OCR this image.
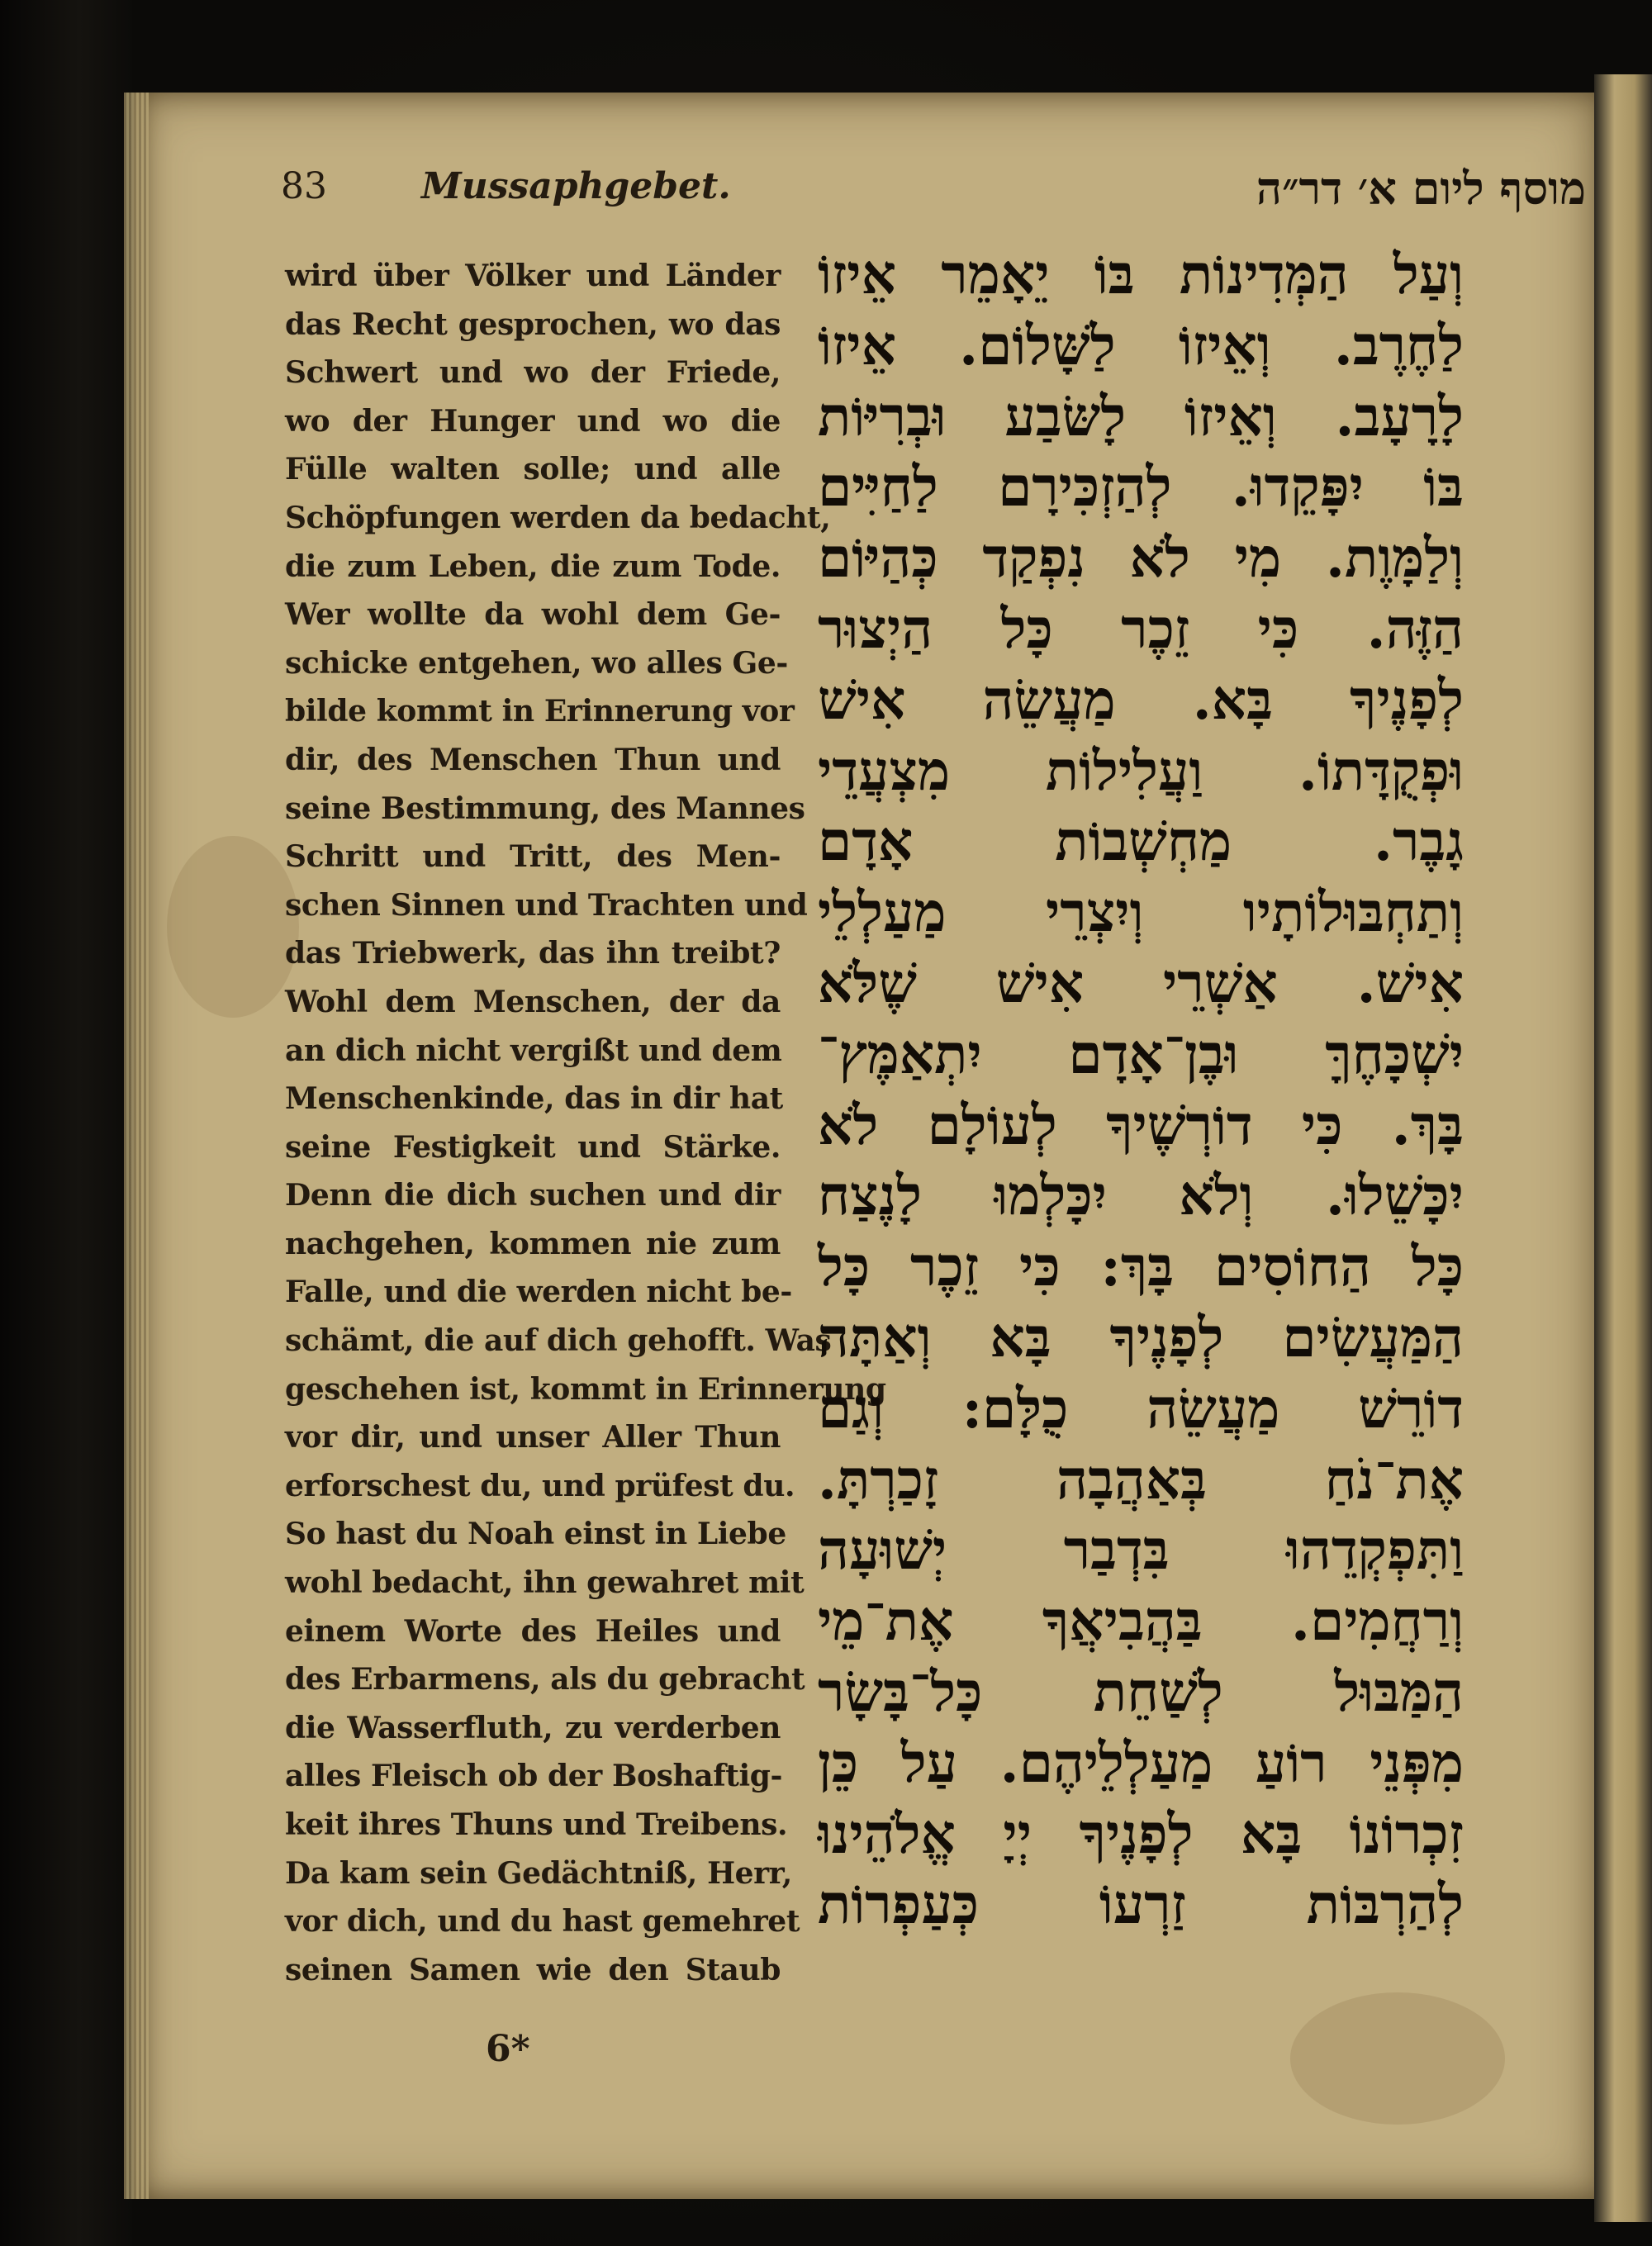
83	Mussaphgebet.	מוסף ליום א׳ דר״ה
wird über Völker und Länder
das Recht gesprochen, wo das
Schwert und wo der Friede,
wo der Hunger und wo die
Fülle walten solle; und alle
Schöpfungen werden da bedacht,
die zum Leben, die zum Tode.
Wer wollte da wohl dem Ge-
schicke entgehen, wo alles Ge-
bilde kommt in Erinnerung vor
dir, des Menschen Thun und
seine Bestimmung, des Mannes
Schritt und Tritt, des Men-
schen Sinnen und Trachten und
das Triebwerk, das ihn treibt?
Wohl dem Menschen, der da
an dich nicht vergißt und dem
Menschenkinde, das in dir hat
seine Festigkeit und Stärke.
Denn die dich suchen und dir
nachgehen, kommen nie zum
Falle, und die werden nicht be-
schämt, die auf dich gehofft. Was
geschehen ist, kommt in Erinnerung
vor dir, und unser Aller Thun
erforschest du, und prüfest du.
So hast du Noah einst in Liebe
wohl bedacht, ihn gewahret mit
einem Worte des Heiles und
des Erbarmens, als du gebracht
die Wasserfluth, zu verderben
alles Fleisch ob der Boshaftig-
keit ihres Thuns und Treibens.
Da kam sein Gedächtniß, Herr,
vor dich, und du hast gemehret
seinen Samen wie den Staub
וְעַל הַמְּדִינוֹת בּוֹ יֵאָמֵר אֵיזוֹ
לַחֶרֶב. וְאֵיזוֹ לַשָּׁלוֹם. אֵיזוֹ
לָרָעָב. וְאֵיזוֹ לָשּׂבַע וּבְרִיּוֹת
בּוֹ יִפָּקֵדוּ. לְהַזְכִּירָם לַחַיִּים
וְלַמָּוֶת. מִי לֹא נִפְקַד כְּהַיּוֹם
הַזֶּה. כִּי זֵכֶר כָּל הַיְצוּר
לְפָנֶיךָ בָּא. מַעֲשֵׂה אִישׁ
וּפְקֻדָּתוֹ. וַעֲלִילוֹת מִצְעֲדֵי
גָבֶר. מַחְשְׁבוֹת אָדָם
וְתַחְבּוּלוֹתָיו וְיִצְרֵי מַעַלְלֵי
אִישׁ. אַשְׁרֵי אִישׁ שֶׁלֹּא
יִשְׁכָּחֶךָּ וּבֶן־אָדָם יִתְאַמֶּץ־
בָּךְ. כִּי דוֹרְשֶׁיךָ לְעוֹלָם לֹא
יִכָּשֵׁלוּ. וְלֹא יִכָּלְמוּ לָנֶצַח
כָּל הַחוֹסִים בָּךְ: כִּי זֵכֶר כָּל
הַמַּעֲשִׂים לְפָנֶיךָ בָּא וְאַתָּה
דוֹרֵשׁ מַעֲשֵׂה כֻלָּם: וְגַם
אֶת־נֹחַ בְּאַהֲבָה זָכַרְתָּ.
וַתִּפְקְדֵהוּ בִּדְבַר יְשׁוּעָה
וְרַחֲמִים. בַּהֲבִיאֲךָ אֶת־מֵי
הַמַּבּוּל לְשַׁחֵת כָּל־בָּשָׂר
מִפְּנֵי רוֹעַ מַעַלְלֵיהֶם. עַל כֵּן
זִכְרוֹנוֹ בָּא לְפָנֶיךָ יְיָ אֱלֹהֵינוּ
לְהַרְבּוֹת זַרְעוֹ כְּעַפְרוֹת
6*
